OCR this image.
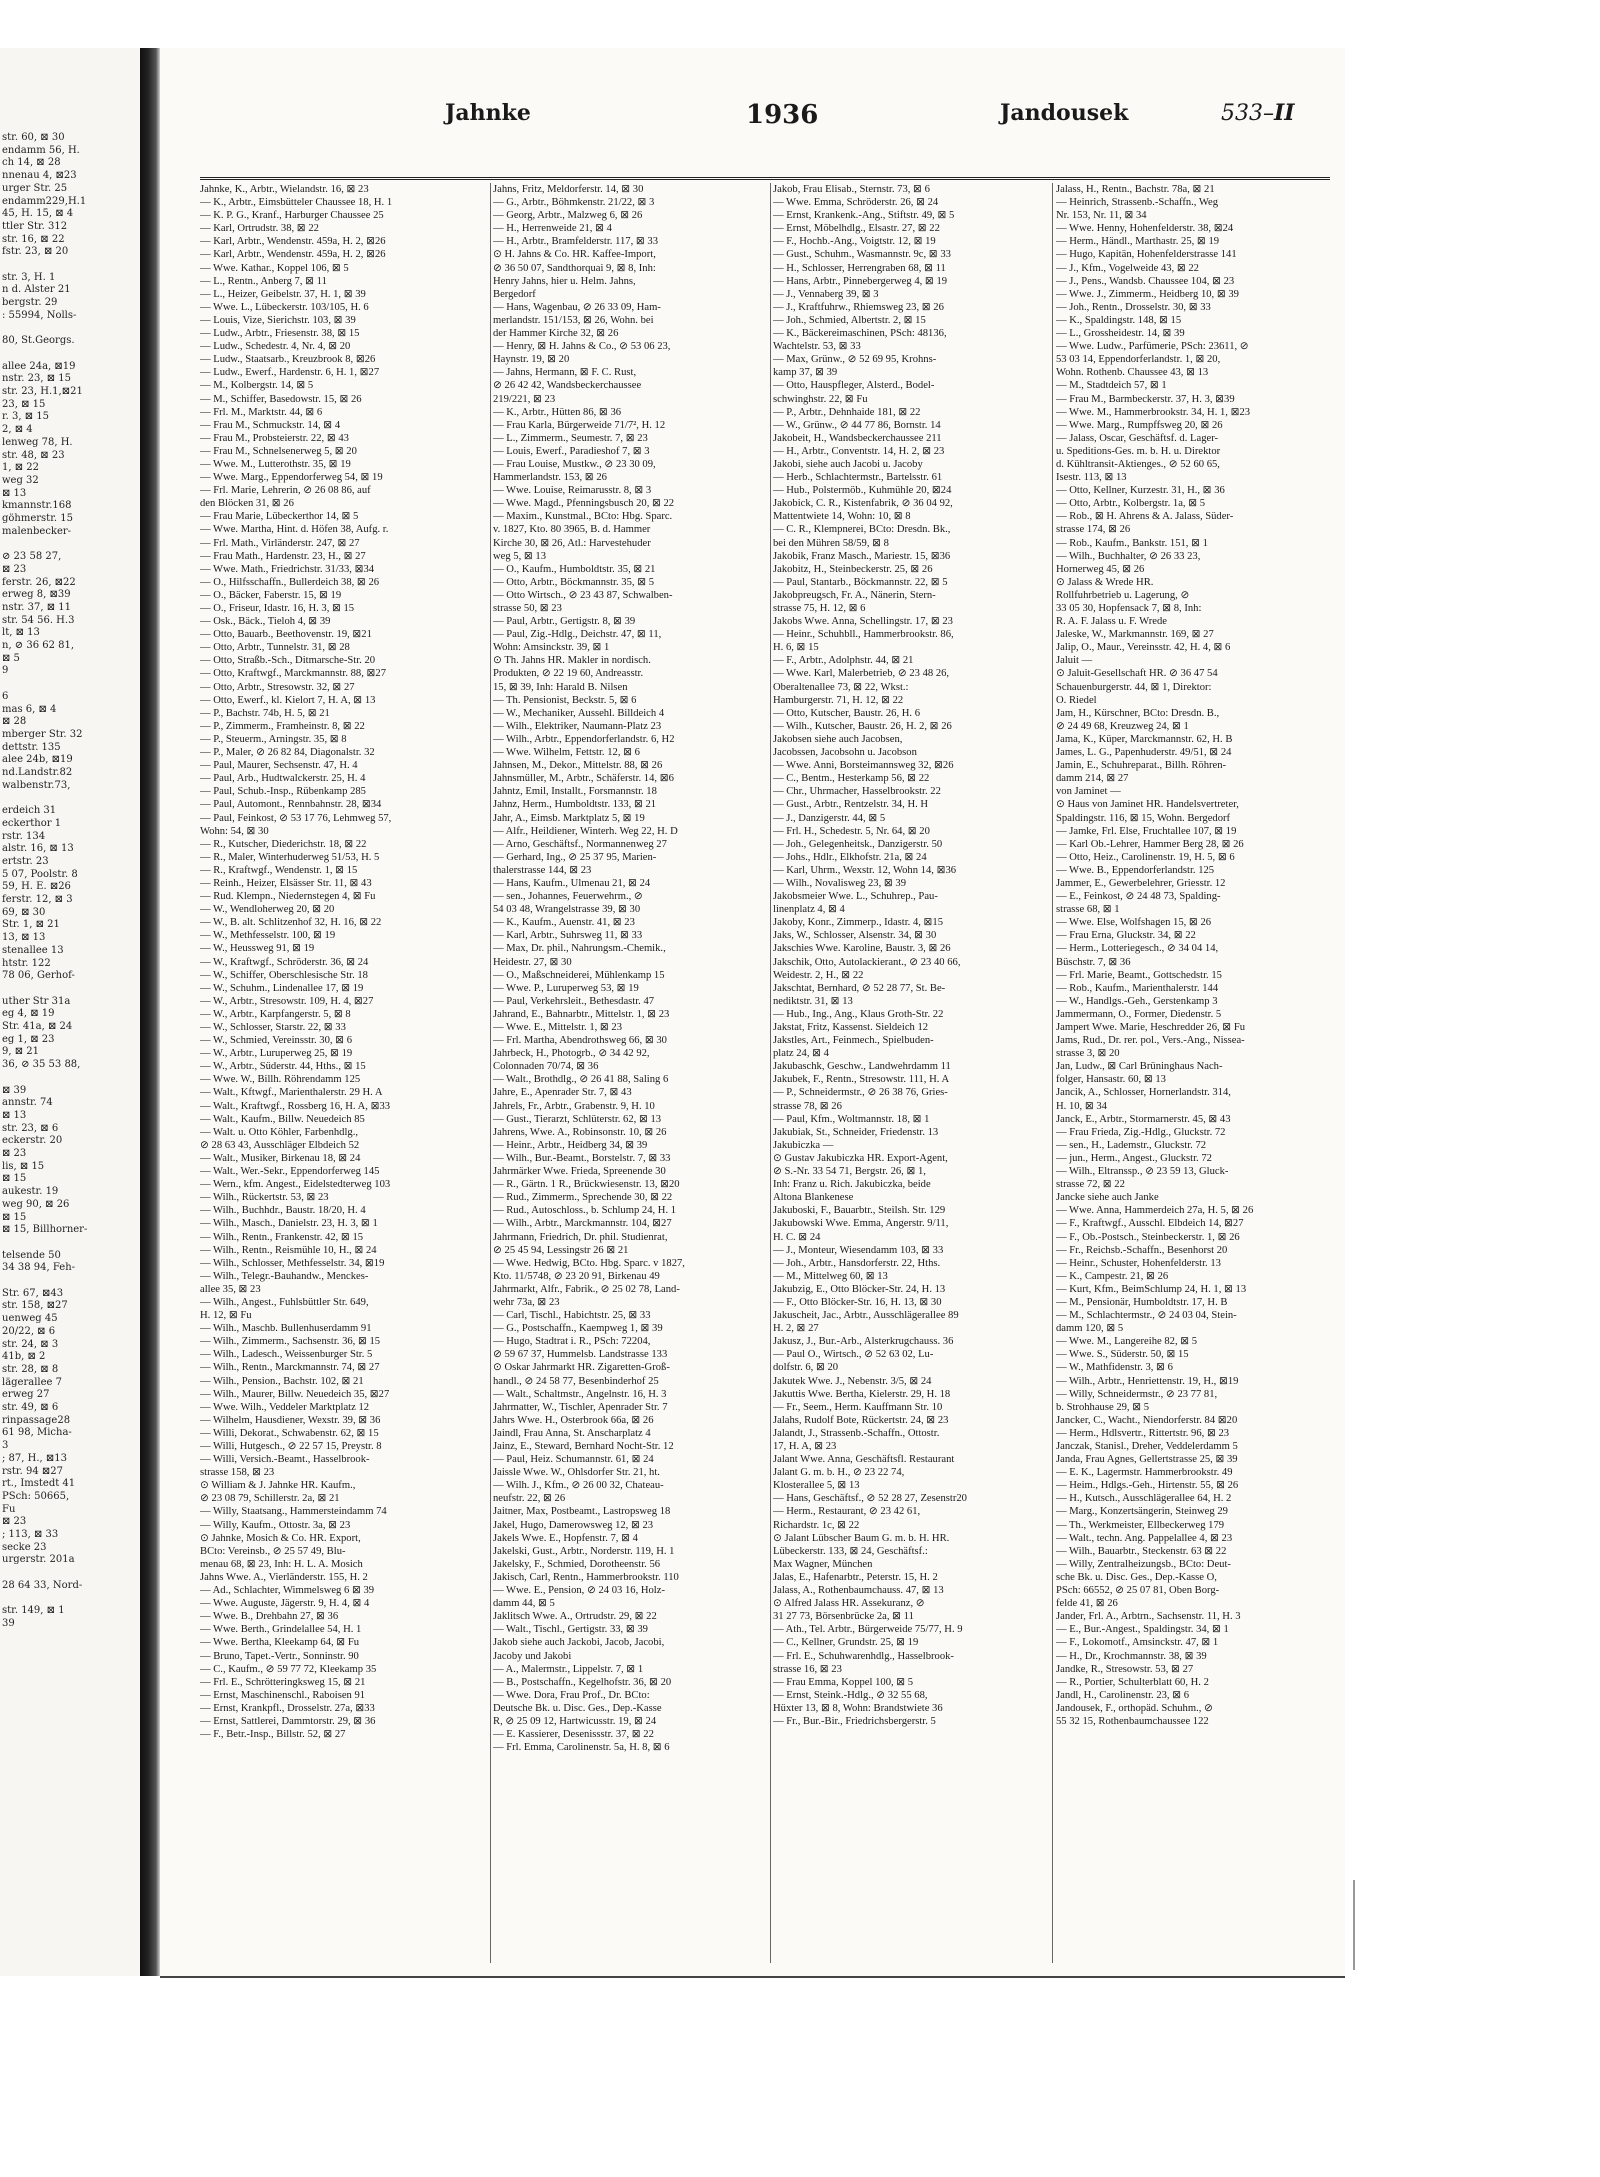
str. 60, ⊠ 30
endamm 56, H.
ch 14, ⊠ 28
nnenau 4, ⊠23
urger Str. 25
endamm229,H.1
45, H. 15, ⊠ 4
ttler Str. 312
str. 16, ⊠ 22
fstr. 23, ⊠ 20
str. 3, H. 1
n d. Alster 21
bergstr. 29
: 55994, Nolls-
80, St.Georgs.
allee 24a, ⊠19
nstr. 23, ⊠ 15
str. 23, H.1,⊠21
23, ⊠ 15
r. 3, ⊠ 15
2, ⊠ 4
lenweg 78, H.
str. 48, ⊠ 23
1, ⊠ 22
weg 32
⊠ 13
kmannstr.168
göhmerstr. 15
malenbecker-
⊘ 23 58 27,
⊠ 23
ferstr. 26, ⊠22
erweg 8, ⊠39
nstr. 37, ⊠ 11
str. 54 56. H.3
lt, ⊠ 13
n, ⊘ 36 62 81,
⊠ 5
9
6
mas 6, ⊠ 4
⊠ 28
mberger Str. 32
dettstr. 135
alee 24b, ⊠19
nd.Landstr.82
walbenstr.73,
erdeich 31
eckerthor 1
rstr. 134
alstr. 16, ⊠ 13
ertstr. 23
5 07, Poolstr. 8
59, H. E. ⊠26
ferstr. 12, ⊠ 3
69, ⊠ 30
Str. 1, ⊠ 21
13, ⊠ 13
stenallee 13
htstr. 122
78 06, Gerhof-
uther Str 31a
eg 4, ⊠ 19
Str. 41a, ⊠ 24
eg 1, ⊠ 23
9, ⊠ 21
36, ⊘ 35 53 88,
⊠ 39
annstr. 74
⊠ 13
str. 23, ⊠ 6
eckerstr. 20
⊠ 23
lis, ⊠ 15
⊠ 15
aukestr. 19
weg 90, ⊠ 26
⊠ 15
⊠ 15, Billhorner-
telsende 50
34 38 94, Feh-
Str. 67, ⊠43
str. 158, ⊠27
uenweg 45
20/22, ⊠ 6
str. 24, ⊠ 3
41b, ⊠ 2
str. 28, ⊠ 8
lägerallee 7
erweg 27
str. 49, ⊠ 6
rinpassage28
61 98, Micha-
3
; 87, H., ⊠13
rstr. 94 ⊠27
rt., Imstedt 41
PSch: 50665,
Fu
⊠ 23
; 113, ⊠ 33
secke 23
urgerstr. 201a
28 64 33, Nord-
str. 149, ⊠ 1
39
Jahnke	1936	Jandousek	533–II
Jahnke, K., Arbtr., Wielandstr. 16, ⊠ 23
— K., Arbtr., Eimsbütteler Chaussee 18, H. 1
— K. P. G., Kranf., Harburger Chaussee 25
— Karl, Ortrudstr. 38, ⊠ 22
— Karl, Arbtr., Wendenstr. 459a, H. 2, ⊠26
— Karl, Arbtr., Wendenstr. 459a, H. 2, ⊠26
— Wwe. Kathar., Koppel 106, ⊠ 5
— L., Rentn., Anberg 7, ⊠ 11
— L., Heizer, Geibelstr. 37, H. 1, ⊠ 39
— Wwe. L., Lübeckerstr. 103/105, H. 6
— Louis, Vize, Sierichstr. 103, ⊠ 39
— Ludw., Arbtr., Friesenstr. 38, ⊠ 15
— Ludw., Schedestr. 4, Nr. 4, ⊠ 20
— Ludw., Staatsarb., Kreuzbrook 8, ⊠26
— Ludw., Ewerf., Hardenstr. 6, H. 1, ⊠27
— M., Kolbergstr. 14, ⊠ 5
— M., Schiffer, Basedowstr. 15, ⊠ 26
— Frl. M., Marktstr. 44, ⊠ 6
— Frau M., Schmuckstr. 14, ⊠ 4
— Frau M., Probsteierstr. 22, ⊠ 43
— Frau M., Schnelsenerweg 5, ⊠ 20
— Wwe. M., Lutterothstr. 35, ⊠ 19
— Wwe. Marg., Eppendorferweg 54, ⊠ 19
— Frl. Marie, Lehrerin, ⊘ 26 08 86, auf
den Blöcken 31, ⊠ 26
— Frau Marie, Lübeckerthor 14, ⊠ 5
— Wwe. Martha, Hint. d. Höfen 38, Aufg. r.
— Frl. Math., Virländerstr. 247, ⊠ 27
— Frau Math., Hardenstr. 23, H., ⊠ 27
— Wwe. Math., Friedrichstr. 31/33, ⊠34
— O., Hilfsschaffn., Bullerdeich 38, ⊠ 26
— O., Bäcker, Faberstr. 15, ⊠ 19
— O., Friseur, Idastr. 16, H. 3, ⊠ 15
— Osk., Bäck., Tieloh 4, ⊠ 39
— Otto, Bauarb., Beethovenstr. 19, ⊠21
— Otto, Arbtr., Tunnelstr. 31, ⊠ 28
— Otto, Straßb.-Sch., Ditmarsche-Str. 20
— Otto, Kraftwgf., Marckmannstr. 88, ⊠27
— Otto, Arbtr., Stresowstr. 32, ⊠ 27
— Otto, Ewerf., kl. Kielort 7, H. A, ⊠ 13
— P., Bachstr. 74b, H. 5, ⊠ 21
— P., Zimmerm., Framheinstr. 8, ⊠ 22
— P., Steuerm., Arningstr. 35, ⊠ 8
— P., Maler, ⊘ 26 82 84, Diagonalstr. 32
— Paul, Maurer, Sechsenstr. 47, H. 4
— Paul, Arb., Hudtwalckerstr. 25, H. 4
— Paul, Schub.-Insp., Rübenkamp 285
— Paul, Automont., Rennbahnstr. 28, ⊠34
— Paul, Feinkost, ⊘ 53 17 76, Lehmweg 57,
Wohn: 54, ⊠ 30
— R., Kutscher, Diederichstr. 18, ⊠ 22
— R., Maler, Winterhuderweg 51/53, H. 5
— R., Kraftwgf., Wendenstr. 1, ⊠ 15
— Reinh., Heizer, Elsässer Str. 11, ⊠ 43
— Rud. Klempn., Niedernstegen 4, ⊠ Fu
— W., Wendloherweg 20, ⊠ 20
— W., B. alt. Schlitzenhof 32, H. 16, ⊠ 22
— W., Methfesselstr. 100, ⊠ 19
— W., Heussweg 91, ⊠ 19
— W., Kraftwgf., Schröderstr. 36, ⊠ 24
— W., Schiffer, Oberschlesische Str. 18
— W., Schuhm., Lindenallee 17, ⊠ 19
— W., Arbtr., Stresowstr. 109, H. 4, ⊠27
— W., Arbtr., Karpfangerstr. 5, ⊠ 8
— W., Schlosser, Starstr. 22, ⊠ 33
— W., Schmied, Vereinsstr. 30, ⊠ 6
— W., Arbtr., Luruperweg 25, ⊠ 19
— W., Arbtr., Süderstr. 44, Hths., ⊠ 15
— Wwe. W., Billh. Röhrendamm 125
— Walt., Kftwgf., Marienthalerstr. 29 H. A
— Walt., Kraftwgf., Rossberg 16, H. A, ⊠33
— Walt., Kaufm., Billw. Neuedeich 85
— Walt. u. Otto Köhler, Farbenhdlg.,
⊘ 28 63 43, Ausschläger Elbdeich 52
— Walt., Musiker, Birkenau 18, ⊠ 24
— Walt., Wer.-Sekr., Eppendorferweg 145
— Wern., kfm. Angest., Eidelstedterweg 103
— Wilh., Rückertstr. 53, ⊠ 23
— Wilh., Buchhdr., Baustr. 18/20, H. 4
— Wilh., Masch., Danielstr. 23, H. 3, ⊠ 1
— Wilh., Rentn., Frankenstr. 42, ⊠ 15
— Wilh., Rentn., Reismühle 10, H., ⊠ 24
— Wilh., Schlosser, Methfesselstr. 34, ⊠19
— Wilh., Telegr.-Bauhandw., Menckes-
allee 35, ⊠ 23
— Wilh., Angest., Fuhlsbüttler Str. 649,
H. 12, ⊠ Fu
— Wilh., Maschb. Bullenhuserdamm 91
— Wilh., Zimmerm., Sachsenstr. 36, ⊠ 15
— Wilh., Ladesch., Weissenburger Str. 5
— Wilh., Rentn., Marckmannstr. 74, ⊠ 27
— Wilh., Pension., Bachstr. 102, ⊠ 21
— Wilh., Maurer, Billw. Neuedeich 35, ⊠27
— Wwe. Wilh., Veddeler Marktplatz 12
— Wilhelm, Hausdiener, Wexstr. 39, ⊠ 36
— Willi, Dekorat., Schwabenstr. 62, ⊠ 15
— Willi, Hutgesch., ⊘ 22 57 15, Preystr. 8
— Willi, Versich.-Beamt., Hasselbrook-
strasse 158, ⊠ 23
⊙ William & J. Jahnke HR. Kaufm.,
⊘ 23 08 79, Schillerstr. 2a, ⊠ 21
— Willy, Staatsang., Hammersteindamm 74
— Willy, Kaufm., Ottostr. 3a, ⊠ 23
⊙ Jahnke, Mosich & Co. HR. Export,
BCto: Vereinsb., ⊘ 25 57 49, Blu-
menau 68, ⊠ 23, Inh: H. L. A. Mosich
Jahns Wwe. A., Vierländerstr. 155, H. 2
— Ad., Schlachter, Wimmelsweg 6 ⊠ 39
— Wwe. Auguste, Jägerstr. 9, H. 4, ⊠ 4
— Wwe. B., Drehbahn 27, ⊠ 36
— Wwe. Berth., Grindelallee 54, H. 1
— Wwe. Bertha, Kleekamp 64, ⊠ Fu
— Bruno, Tapet.-Vertr., Sonninstr. 90
— C., Kaufm., ⊘ 59 77 72, Kleekamp 35
— Frl. E., Schrötteringksweg 15, ⊠ 21
— Ernst, Maschinenschl., Raboisen 91
— Ernst, Krankpfl., Drosselstr. 27a, ⊠33
— Ernst, Sattlerei, Dammtorstr. 29, ⊠ 36
— F., Betr.-Insp., Billstr. 52, ⊠ 27
Jahns, Fritz, Meldorferstr. 14, ⊠ 30
— G., Arbtr., Böhmkenstr. 21/22, ⊠ 3
— Georg, Arbtr., Malzweg 6, ⊠ 26
— H., Herrenweide 21, ⊠ 4
— H., Arbtr., Bramfelderstr. 117, ⊠ 33
⊙ H. Jahns & Co. HR. Kaffee-Import,
⊘ 36 50 07, Sandthorquai 9, ⊠ 8, Inh:
Henry Jahns, hier u. Helm. Jahns,
Bergedorf
— Hans, Wagenbau, ⊘ 26 33 09, Ham-
merlandstr. 151/153, ⊠ 26, Wohn. bei
der Hammer Kirche 32, ⊠ 26
— Henry, ⊠ H. Jahns & Co., ⊘ 53 06 23,
Haynstr. 19, ⊠ 20
— Jahns, Hermann, ⊠ F. C. Rust,
⊘ 26 42 42, Wandsbeckerchaussee
219/221, ⊠ 23
— K., Arbtr., Hütten 86, ⊠ 36
— Frau Karla, Bürgerweide 71/7², H. 12
— L., Zimmerm., Seumestr. 7, ⊠ 23
— Louis, Ewerf., Paradieshof 7, ⊠ 3
— Frau Louise, Mustkw., ⊘ 23 30 09,
Hammerlandstr. 153, ⊠ 26
— Wwe. Louise, Reimarusstr. 8, ⊠ 3
— Wwe. Magd., Pfenningsbusch 20, ⊠ 22
— Maxim., Kunstmal., BCto: Hbg. Sparc.
v. 1827, Kto. 80 3965, B. d. Hammer
Kirche 30, ⊠ 26, Atl.: Harvestehuder
weg 5, ⊠ 13
— O., Kaufm., Humboldtstr. 35, ⊠ 21
— Otto, Arbtr., Böckmannstr. 35, ⊠ 5
— Otto Wirtsch., ⊘ 23 43 87, Schwalben-
strasse 50, ⊠ 23
— Paul, Arbtr., Gertigstr. 8, ⊠ 39
— Paul, Zig.-Hdlg., Deichstr. 47, ⊠ 11,
Wohn: Amsinckstr. 39, ⊠ 1
⊙ Th. Jahns HR. Makler in nordisch.
Produkten, ⊘ 22 19 60, Andreasstr.
15, ⊠ 39, Inh: Harald B. Nilsen
— Th. Pensionist, Beckstr. 5, ⊠ 6
— W., Mechaniker, Aussehl. Billdeich 4
— Wilh., Elektriker, Naumann-Platz 23
— Wilh., Arbtr., Eppendorferlandstr. 6, H2
— Wwe. Wilhelm, Fettstr. 12, ⊠ 6
Jahnsen, M., Dekor., Mittelstr. 88, ⊠ 26
Jahnsmüller, M., Arbtr., Schäferstr. 14, ⊠6
Jahntz, Emil, Installt., Forsmannstr. 18
Jahnz, Herm., Humboldtstr. 133, ⊠ 21
Jahr, A., Eimsb. Marktplatz 5, ⊠ 19
— Alfr., Heildiener, Winterh. Weg 22, H. D
— Arno, Geschäftsf., Normannenweg 27
— Gerhard, Ing., ⊘ 25 37 95, Marien-
thalerstrasse 144, ⊠ 23
— Hans, Kaufm., Ulmenau 21, ⊠ 24
— sen., Johannes, Feuerwehrm., ⊘
54 03 48, Wrangelstrasse 39, ⊠ 30
— K., Kaufm., Auenstr. 41, ⊠ 23
— Karl, Arbtr., Suhrsweg 11, ⊠ 33
— Max, Dr. phil., Nahrungsm.-Chemik.,
Heidestr. 27, ⊠ 30
— O., Maßschneiderei, Mühlenkamp 15
— Wwe. P., Luruperweg 53, ⊠ 19
— Paul, Verkehrsleit., Bethesdastr. 47
Jahrand, E., Bahnarbtr., Mittelstr. 1, ⊠ 23
— Wwe. E., Mittelstr. 1, ⊠ 23
— Frl. Martha, Abendrothsweg 66, ⊠ 30
Jahrbeck, H., Photogrb., ⊘ 34 42 92,
Colonnaden 70/74, ⊠ 36
— Walt., Brothdlg., ⊘ 26 41 88, Saling 6
Jahre, E., Apenrader Str. 7, ⊠ 43
Jahrels, Fr., Arbtr., Grabenstr. 9, H. 10
— Gust., Tierarzt, Schlüterstr. 62, ⊠ 13
Jahrens, Wwe. A., Robinsonstr. 10, ⊠ 26
— Heinr., Arbtr., Heidberg 34, ⊠ 39
— Wilh., Bur.-Beamt., Borstelstr. 7, ⊠ 33
Jahrmärker Wwe. Frieda, Spreenende 30
— R., Gärtn. 1 R., Brückwiesenstr. 13, ⊠20
— Rud., Zimmerm., Sprechende 30, ⊠ 22
— Rud., Autoschloss., b. Schlump 24, H. 1
— Wilh., Arbtr., Marckmannstr. 104, ⊠27
Jahrmann, Friedrich, Dr. phil. Studienrat,
⊘ 25 45 94, Lessingstr 26 ⊠ 21
— Wwe. Hedwig, BCto. Hbg. Sparc. v 1827,
Kto. 11/5748, ⊘ 23 20 91, Birkenau 49
Jahrmarkt, Alfr., Fabrik., ⊘ 25 02 78, Land-
wehr 73a, ⊠ 23
— Carl, Tischl., Habichtstr. 25, ⊠ 33
— G., Postschaffn., Kaempweg 1, ⊠ 39
— Hugo, Stadtrat i. R., PSch: 72204,
⊘ 59 67 37, Hummelsb. Landstrasse 133
⊙ Oskar Jahrmarkt HR. Zigaretten-Groß-
handl., ⊘ 24 58 77, Besenbinderhof 25
— Walt., Schaltmstr., Angelnstr. 16, H. 3
Jahrmatter, W., Tischler, Apenrader Str. 7
Jahrs Wwe. H., Osterbrook 66a, ⊠ 26
Jaindl, Frau Anna, St. Anscharplatz 4
Jainz, E., Steward, Bernhard Nocht-Str. 12
— Paul, Heiz. Schumannstr. 61, ⊠ 24
Jaissle Wwe. W., Ohlsdorfer Str. 21, ht.
— Wilh. J., Kfm., ⊘ 26 00 32, Chateau-
neufstr. 22, ⊠ 26
Jaitner, Max, Postbeamt., Lastropsweg 18
Jakel, Hugo, Damerowsweg 12, ⊠ 23
Jakels Wwe. E., Hopfenstr. 7, ⊠ 4
Jakelski, Gust., Arbtr., Norderstr. 119, H. 1
Jakelsky, F., Schmied, Dorotheenstr. 56
Jakisch, Carl, Rentn., Hammerbrookstr. 110
— Wwe. E., Pension, ⊘ 24 03 16, Holz-
damm 44, ⊠ 5
Jaklitsch Wwe. A., Ortrudstr. 29, ⊠ 22
— Walt., Tischl., Gertigstr. 33, ⊠ 39
Jakob siehe auch Jackobi, Jacob, Jacobi,
Jacoby und Jakobi
— A., Malermstr., Lippelstr. 7, ⊠ 1
— B., Postschaffn., Kegelhofstr. 36, ⊠ 20
— Wwe. Dora, Frau Prof., Dr. BCto:
Deutsche Bk. u. Disc. Ges., Dep.-Kasse
R, ⊘ 25 09 12, Hartwicusstr. 19, ⊠ 24
— E. Kassierer, Desenissstr. 37, ⊠ 22
— Frl. Emma, Carolinenstr. 5a, H. 8, ⊠ 6
Jakob, Frau Elisab., Sternstr. 73, ⊠ 6
— Wwe. Emma, Schröderstr. 26, ⊠ 24
— Ernst, Krankenk.-Ang., Stiftstr. 49, ⊠ 5
— Ernst, Möbelhdlg., Elsastr. 27, ⊠ 22
— F., Hochb.-Ang., Voigtstr. 12, ⊠ 19
— Gust., Schuhm., Wasmannstr. 9c, ⊠ 33
— H., Schlosser, Herrengraben 68, ⊠ 11
— Hans, Arbtr., Pinnebergerweg 4, ⊠ 19
— J., Vennaberg 39, ⊠ 3
— J., Kraftfuhrw., Rhiemsweg 23, ⊠ 26
— Joh., Schmied, Albertstr. 2, ⊠ 15
— K., Bäckereimaschinen, PSch: 48136,
Wachtelstr. 53, ⊠ 33
— Max, Grünw., ⊘ 52 69 95, Krohns-
kamp 37, ⊠ 39
— Otto, Hauspfleger, Alsterd., Bodel-
schwinghstr. 22, ⊠ Fu
— P., Arbtr., Dehnhaide 181, ⊠ 22
— W., Grünw., ⊘ 44 77 86, Bornstr. 14
Jakobeit, H., Wandsbeckerchaussee 211
— H., Arbtr., Conventstr. 14, H. 2, ⊠ 23
Jakobi, siehe auch Jacobi u. Jacoby
— Herb., Schlachtermstr., Bartelsstr. 61
— Hub., Polstermöb., Kuhmühle 20, ⊠24
Jakobick, C. R., Kistenfabrik, ⊘ 36 04 92,
Mattentwiete 14, Wohn: 10, ⊠ 8
— C. R., Klempnerei, BCto: Dresdn. Bk.,
bei den Mühren 58/59, ⊠ 8
Jakobik, Franz Masch., Mariestr. 15, ⊠36
Jakobitz, H., Steinbeckerstr. 25, ⊠ 26
— Paul, Stantarb., Böckmannstr. 22, ⊠ 5
Jakobpreugsch, Fr. A., Nänerin, Stern-
strasse 75, H. 12, ⊠ 6
Jakobs Wwe. Anna, Schellingstr. 17, ⊠ 23
— Heinr., Schuhbll., Hammerbrookstr. 86,
H. 6, ⊠ 15
— F., Arbtr., Adolphstr. 44, ⊠ 21
— Wwe. Karl, Malerbetrieb, ⊘ 23 48 26,
Oberaltenallee 73, ⊠ 22, Wkst.:
Hamburgerstr. 71, H. 12, ⊠ 22
— Otto, Kutscher, Baustr. 26, H. 6
— Wilh., Kutscher, Baustr. 26, H. 2, ⊠ 26
Jakobsen siehe auch Jacobsen,
Jacobssen, Jacobsohn u. Jacobson
— Wwe. Anni, Borsteimannsweg 32, ⊠26
— C., Bentm., Hesterkamp 56, ⊠ 22
— Chr., Uhrmacher, Hasselbrookstr. 22
— Gust., Arbtr., Rentzelstr. 34, H. H
— J., Danzigerstr. 44, ⊠ 5
— Frl. H., Schedestr. 5, Nr. 64, ⊠ 20
— Joh., Gelegenheitsk., Danzigerstr. 50
— Johs., Hdlr., Elkhofstr. 21a, ⊠ 24
— Karl, Uhrm., Wexstr. 12, Wohn 14, ⊠36
— Wilh., Novalisweg 23, ⊠ 39
Jakobsmeier Wwe. L., Schuhrep., Pau-
linenplatz 4, ⊠ 4
Jakoby, Konr., Zimmerp., Idastr. 4, ⊠15
Jaks, W., Schlosser, Alsenstr. 34, ⊠ 30
Jakschies Wwe. Karoline, Baustr. 3, ⊠ 26
Jakschik, Otto, Autolackierant., ⊘ 23 40 66,
Weidestr. 2, H., ⊠ 22
Jakschtat, Bernhard, ⊘ 52 28 77, St. Be-
nediktstr. 31, ⊠ 13
— Hub., Ing., Ang., Klaus Groth-Str. 22
Jakstat, Fritz, Kassenst. Sieldeich 12
Jakstles, Art., Feinmech., Spielbuden-
platz 24, ⊠ 4
Jakubaschk, Geschw., Landwehrdamm 11
Jakubek, F., Rentn., Stresowstr. 111, H. A
— P., Schneidermstr., ⊘ 26 38 76, Gries-
strasse 78, ⊠ 26
— Paul, Kfm., Woltmannstr. 18, ⊠ 1
Jakubiak, St., Schneider, Friedenstr. 13
Jakubiczka —
⊙ Gustav Jakubiczka HR. Export-Agent,
⊘ S.-Nr. 33 54 71, Bergstr. 26, ⊠ 1,
Inh: Franz u. Rich. Jakubiczka, beide
Altona Blankenese
Jakuboski, F., Bauarbtr., Steilsh. Str. 129
Jakubowski Wwe. Emma, Angerstr. 9/11,
H. C. ⊠ 24
— J., Monteur, Wiesendamm 103, ⊠ 33
— Joh., Arbtr., Hansdorferstr. 22, Hths.
— M., Mittelweg 60, ⊠ 13
Jakubzig, E., Otto Blöcker-Str. 24, H. 13
— F., Otto Blöcker-Str. 16, H. 13, ⊠ 30
Jakuscheit, Jac., Arbtr., Ausschlägerallee 89
H. 2, ⊠ 27
Jakusz, J., Bur.-Arb., Alsterkrugchauss. 36
— Paul O., Wirtsch., ⊘ 52 63 02, Lu-
dolfstr. 6, ⊠ 20
Jakutek Wwe. J., Nebenstr. 3/5, ⊠ 24
Jakuttis Wwe. Bertha, Kielerstr. 29, H. 18
— Fr., Seem., Herm. Kauffmann Str. 10
Jalahs, Rudolf Bote, Rückertstr. 24, ⊠ 23
Jalandt, J., Strassenb.-Schaffn., Ottostr.
17, H. A, ⊠ 23
Jalant Wwe. Anna, Geschäftsfl. Restaurant
Jalant G. m. b. H., ⊘ 23 22 74,
Klosterallee 5, ⊠ 13
— Hans, Geschäftsf., ⊘ 52 28 27, Zesenstr20
— Herm., Restaurant, ⊘ 23 42 61,
Richardstr. 1c, ⊠ 22
⊙ Jalant Lübscher Baum G. m. b. H. HR.
Lübeckerstr. 133, ⊠ 24, Geschäftsf.:
Max Wagner, München
Jalas, E., Hafenarbtr., Peterstr. 15, H. 2
Jalass, A., Rothenbaumchauss. 47, ⊠ 13
⊙ Alfred Jalass HR. Assekuranz, ⊘
31 27 73, Börsenbrücke 2a, ⊠ 11
— Ath., Tel. Arbtr., Bürgerweide 75/77, H. 9
— C., Kellner, Grundstr. 25, ⊠ 19
— Frl. E., Schuhwarenhdlg., Hasselbrook-
strasse 16, ⊠ 23
— Frau Emma, Koppel 100, ⊠ 5
— Ernst, Steink.-Hdlg., ⊘ 32 55 68,
Hüxter 13, ⊠ 8, Wohn: Brandstwiete 36
— Fr., Bur.-Bir., Friedrichsbergerstr. 5
Jalass, H., Rentn., Bachstr. 78a, ⊠ 21
— Heinrich, Strassenb.-Schaffn., Weg
Nr. 153, Nr. 11, ⊠ 34
— Wwe. Henny, Hohenfelderstr. 38, ⊠24
— Herm., Händl., Marthastr. 25, ⊠ 19
— Hugo, Kapitän, Hohenfelderstrasse 141
— J., Kfm., Vogelweide 43, ⊠ 22
— J., Pens., Wandsb. Chaussee 104, ⊠ 23
— Wwe. J., Zimmerm., Heidberg 10, ⊠ 39
— Joh., Rentn., Drosselstr. 30, ⊠ 33
— K., Spaldingstr. 148, ⊠ 15
— L., Grossheidestr. 14, ⊠ 39
— Wwe. Ludw., Parfümerie, PSch: 23611, ⊘
53 03 14, Eppendorferlandstr. 1, ⊠ 20,
Wohn. Rothenb. Chaussee 43, ⊠ 13
— M., Stadtdeich 57, ⊠ 1
— Frau M., Barmbeckerstr. 37, H. 3, ⊠39
— Wwe. M., Hammerbrookstr. 34, H. 1, ⊠23
— Wwe. Marg., Rumpffsweg 20, ⊠ 26
— Jalass, Oscar, Geschäftsf. d. Lager-
u. Speditions-Ges. m. b. H. u. Direktor
d. Kühltransit-Aktienges., ⊘ 52 60 65,
Isestr. 113, ⊠ 13
— Otto, Kellner, Kurzestr. 31, H., ⊠ 36
— Otto, Arbtr., Kolbergstr. 1a, ⊠ 5
— Rob., ⊠ H. Ahrens & A. Jalass, Süder-
strasse 174, ⊠ 26
— Rob., Kaufm., Bankstr. 151, ⊠ 1
— Wilh., Buchhalter, ⊘ 26 33 23,
Hornerweg 45, ⊠ 26
⊙ Jalass & Wrede HR.
Rollfuhrbetrieb u. Lagerung, ⊘
33 05 30, Hopfensack 7, ⊠ 8, Inh:
R. A. F. Jalass u. F. Wrede
Jaleske, W., Markmannstr. 169, ⊠ 27
Jalip, O., Maur., Vereinsstr. 42, H. 4, ⊠ 6
Jaluit —
⊙ Jaluit-Gesellschaft HR. ⊘ 36 47 54
Schauenburgerstr. 44, ⊠ 1, Direktor:
O. Riedel
Jam, H., Kürschner, BCto: Dresdn. B.,
⊘ 24 49 68, Kreuzweg 24, ⊠ 1
Jama, K., Küper, Marckmannstr. 62, H. B
James, L. G., Papenhuderstr. 49/51, ⊠ 24
Jamin, E., Schuhreparat., Billh. Röhren-
damm 214, ⊠ 27
von Jaminet —
⊙ Haus von Jaminet HR. Handelsvertreter,
Spaldingstr. 116, ⊠ 15, Wohn. Bergedorf
— Jamke, Frl. Else, Fruchtallee 107, ⊠ 19
— Karl Ob.-Lehrer, Hammer Berg 28, ⊠ 26
— Otto, Heiz., Carolinenstr. 19, H. 5, ⊠ 6
— Wwe. B., Eppendorferlandstr. 125
Jammer, E., Gewerbelehrer, Griesstr. 12
— E., Feinkost, ⊘ 24 48 73, Spalding-
strasse 68, ⊠ 1
— Wwe. Else, Wolfshagen 15, ⊠ 26
— Frau Erna, Gluckstr. 34, ⊠ 22
— Herm., Lotteriegesch., ⊘ 34 04 14,
Büschstr. 7, ⊠ 36
— Frl. Marie, Beamt., Gottschedstr. 15
— Rob., Kaufm., Marienthalerstr. 144
— W., Handlgs.-Geh., Gerstenkamp 3
Jammermann, O., Former, Diedenstr. 5
Jampert Wwe. Marie, Heschredder 26, ⊠ Fu
Jams, Rud., Dr. rer. pol., Vers.-Ang., Nissea-
strasse 3, ⊠ 20
Jan, Ludw., ⊠ Carl Brüninghaus Nach-
folger, Hansastr. 60, ⊠ 13
Jancik, A., Schlosser, Hornerlandstr. 314,
H. 10, ⊠ 34
Janck, E., Arbtr., Stormarnerstr. 45, ⊠ 43
— Frau Frieda, Zig.-Hdlg., Gluckstr. 72
— sen., H., Lademstr., Gluckstr. 72
— jun., Herm., Angest., Gluckstr. 72
— Wilh., Eltranssp., ⊘ 23 59 13, Gluck-
strasse 72, ⊠ 22
Jancke siehe auch Janke
— Wwe. Anna, Hammerdeich 27a, H. 5, ⊠ 26
— F., Kraftwgf., Ausschl. Elbdeich 14, ⊠27
— F., Ob.-Postsch., Steinbeckerstr. 1, ⊠ 26
— Fr., Reichsb.-Schaffn., Besenhorst 20
— Heinr., Schuster, Hohenfelderstr. 13
— K., Campestr. 21, ⊠ 26
— Kurt, Kfm., BeimSchlump 24, H. 1, ⊠ 13
— M., Pensionär, Humboldtstr. 17, H. B
— M., Schlachtermstr., ⊘ 24 03 04, Stein-
damm 120, ⊠ 5
— Wwe. M., Langereihe 82, ⊠ 5
— Wwe. S., Süderstr. 50, ⊠ 15
— W., Mathfidenstr. 3, ⊠ 6
— Wilh., Arbtr., Henriettenstr. 19, H., ⊠19
— Willy, Schneidermstr., ⊘ 23 77 81,
b. Strohhause 29, ⊠ 5
Jancker, C., Wacht., Niendorferstr. 84 ⊠20
— Herm., Hdlsvertr., Rittertstr. 96, ⊠ 23
Janczak, Stanisl., Dreher, Veddelerdamm 5
Janda, Frau Agnes, Gellertstrasse 25, ⊠ 39
— E. K., Lagermstr. Hammerbrookstr. 49
— Heim., Hdlgs.-Geh., Hirtenstr. 55, ⊠ 26
— H., Kutsch., Ausschlägerallee 64, H. 2
— Marg., Konzertsängerin, Steinweg 29
— Th., Werkmeister, Ellbeckerweg 179
— Walt., techn. Ang. Pappelallee 4, ⊠ 23
— Wilh., Bauarbtr., Steckenstr. 63 ⊠ 22
— Willy, Zentralheizungsb., BCto: Deut-
sche Bk. u. Disc. Ges., Dep.-Kasse O,
PSch: 66552, ⊘ 25 07 81, Oben Borg-
felde 41, ⊠ 26
Jander, Frl. A., Arbtrn., Sachsenstr. 11, H. 3
— E., Bur.-Angest., Spaldingstr. 34, ⊠ 1
— F., Lokomotf., Amsinckstr. 47, ⊠ 1
— H., Dr., Krochmannstr. 38, ⊠ 39
Jandke, R., Stresowstr. 53, ⊠ 27
— R., Portier, Schulterblatt 60, H. 2
Jandl, H., Carolinenstr. 23, ⊠ 6
Jandousek, F., orthopäd. Schuhm., ⊘
55 32 15, Rothenbaumchaussee 122
